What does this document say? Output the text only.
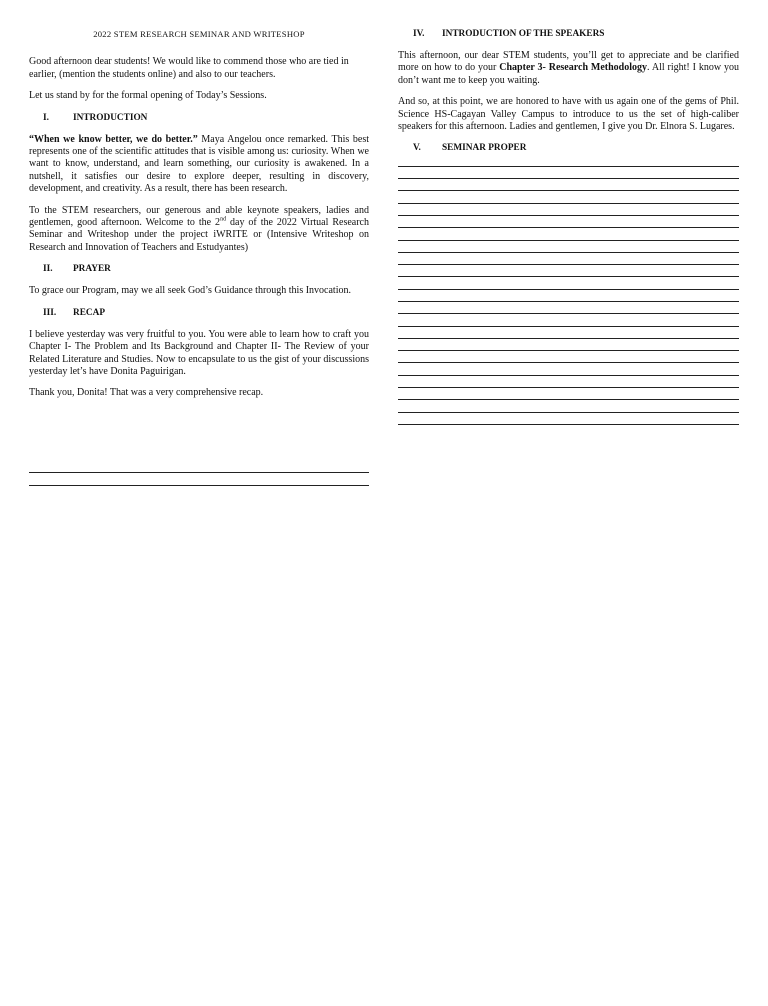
2022 STEM RESEARCH SEMINAR AND WRITESHOP

Good afternoon dear students! We would like to commend those who are tied in earlier, (mention the students online) and also to our teachers.

Let us stand by for the formal opening of Today’s Sessions.

I.	INTRODUCTION

“When we know better, we do better.” Maya Angelou once remarked. This best represents one of the scientific attitudes that is visible among us: curiosity. When we want to know, understand, and learn something, our curiosity is awakened. In a nutshell, it satisfies our desire to explore deeper, resulting in discovery, development, and creativity. As a result, there has been research.

To the STEM researchers, our generous and able keynote speakers, ladies and gentlemen, good afternoon. Welcome to the 2nd day of the 2022 Virtual Research Seminar and Writeshop under the project iWRITE or (Intensive Writeshop on Research and Innovation of Teachers and Estudyantes)

II.	PRAYER

To grace our Program, may we all seek God’s Guidance through this Invocation.

III.	RECAP

I believe yesterday was very fruitful to you. You were able to learn how to craft you Chapter I- The Problem and Its Background and Chapter II- The Review of your Related Literature and Studies. Now to encapsulate to us the gist of your discussions yesterday let’s have Donita Paguirigan.

Thank you, Donita! That was a very comprehensive recap.

IV.	INTRODUCTION OF THE SPEAKERS

This afternoon, our dear STEM students, you’ll get to appreciate and be clarified more on how to do your Chapter 3- Research Methodology. All right! I know you don’t want me to keep you waiting.

And so, at this point, we are honored to have with us again one of the gems of Phil. Science HS-Cagayan Valley Campus to introduce to us the set of high-caliber speakers for this afternoon. Ladies and gentlemen, I give you Dr. Elnora S. Lugares.

V.	SEMINAR PROPER
